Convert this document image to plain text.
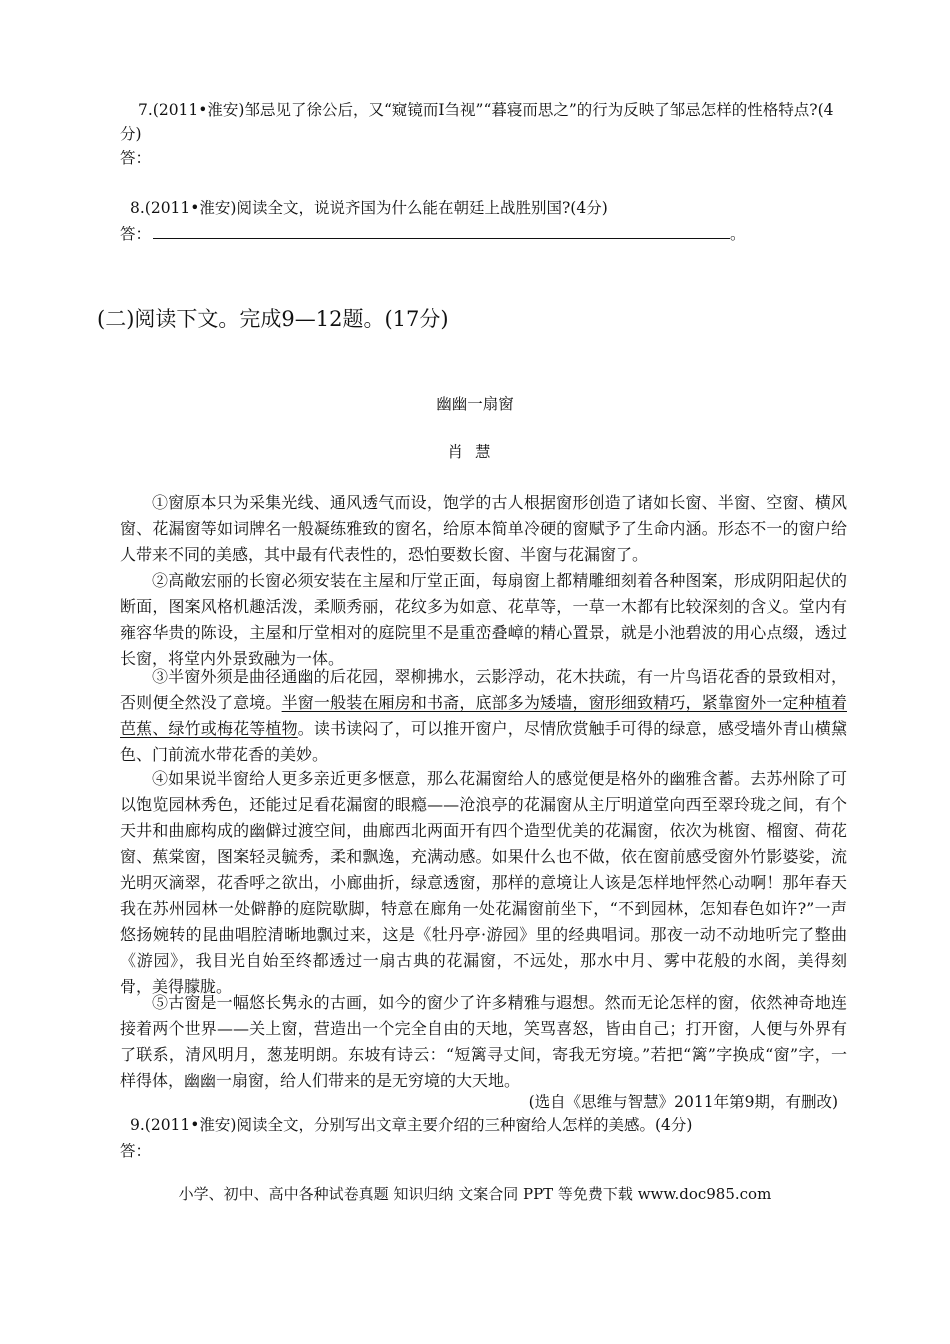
7.(2011•淮安)邹忌见了徐公后，又“窥镜而Ⅰ刍视”“暮寝而思之”的行为反映了邹忌怎样的性格特点?(4分)
答：
8.(2011•淮安)阅读全文，说说齐国为什么能在朝廷上战胜别国?(4分)
答：	。
(二)阅读下文。完成9—12题。(17分)
幽幽一扇窗
肖慧
①窗原本只为采集光线、通风透气而设，饱学的古人根据窗形创造了诸如长窗、半窗、空窗、横风窗、花漏窗等如词牌名一般凝练雅致的窗名，给原本简单冷硬的窗赋予了生命内涵。形态不一的窗户给人带来不同的美感，其中最有代表性的，恐怕要数长窗、半窗与花漏窗了。
②高敞宏丽的长窗必须安装在主屋和厅堂正面，每扇窗上都精雕细刻着各种图案，形成阴阳起伏的断面，图案风格机趣活泼，柔顺秀丽，花纹多为如意、花草等，一草一木都有比较深刻的含义。堂内有雍容华贵的陈设，主屋和厅堂相对的庭院里不是重峦叠嶂的精心置景，就是小池碧波的用心点缀，透过长窗，将堂内外景致融为一体。
③半窗外须是曲径通幽的后花园，翠柳拂水，云影浮动，花木扶疏，有一片鸟语花香的景致相对，否则便全然没了意境。半窗一般装在厢房和书斋，底部多为矮墙，窗形细致精巧，紧靠窗外一定种植着芭蕉、绿竹或梅花等植物。读书读闷了，可以推开窗户，尽情欣赏触手可得的绿意，感受墙外青山横黛色、门前流水带花香的美妙。
④如果说半窗给人更多亲近更多惬意，那么花漏窗给人的感觉便是格外的幽雅含蓄。去苏州除了可以饱览园林秀色，还能过足看花漏窗的眼瘾——沧浪亭的花漏窗从主厅明道堂向西至翠玲珑之间，有个天井和曲廊构成的幽僻过渡空间，曲廊西北两面开有四个造型优美的花漏窗，依次为桃窗、榴窗、荷花窗、蕉棠窗，图案轻灵毓秀，柔和飘逸，充满动感。如果什么也不做，依在窗前感受窗外竹影婆娑，流光明灭滴翠，花香呼之欲出，小廊曲折，绿意透窗，那样的意境让人该是怎样地怦然心动啊！那年春天我在苏州园林一处僻静的庭院歇脚，特意在廊角一处花漏窗前坐下，“不到园林，怎知春色如许?”一声悠扬婉转的昆曲唱腔清晰地飘过来，这是《牡丹亭·游园》里的经典唱词。那夜一动不动地听完了整曲《游园》，我目光自始至终都透过一扇古典的花漏窗，不远处，那水中月、雾中花般的水阁，美得刻骨，美得朦胧。
⑤古窗是一幅悠长隽永的古画，如今的窗少了许多精雅与遐想。然而无论怎样的窗，依然神奇地连接着两个世界——关上窗，营造出一个完全自由的天地，笑骂喜怒，皆由自己；打开窗，人便与外界有了联系，清风明月，葱茏明朗。东坡有诗云：“短篱寻丈间，寄我无穷境。”若把“篱”字换成“窗”字，一样得体，幽幽一扇窗，给人们带来的是无穷境的大天地。
(选自《思维与智慧》2011年第9期，有删改)
9.(2011•淮安)阅读全文，分别写出文章主要介绍的三种窗给人怎样的美感。(4分)
答：
小学、初中、高中各种试卷真题 知识归纳 文案合同 PPT 等免费下载 www.doc985.com
